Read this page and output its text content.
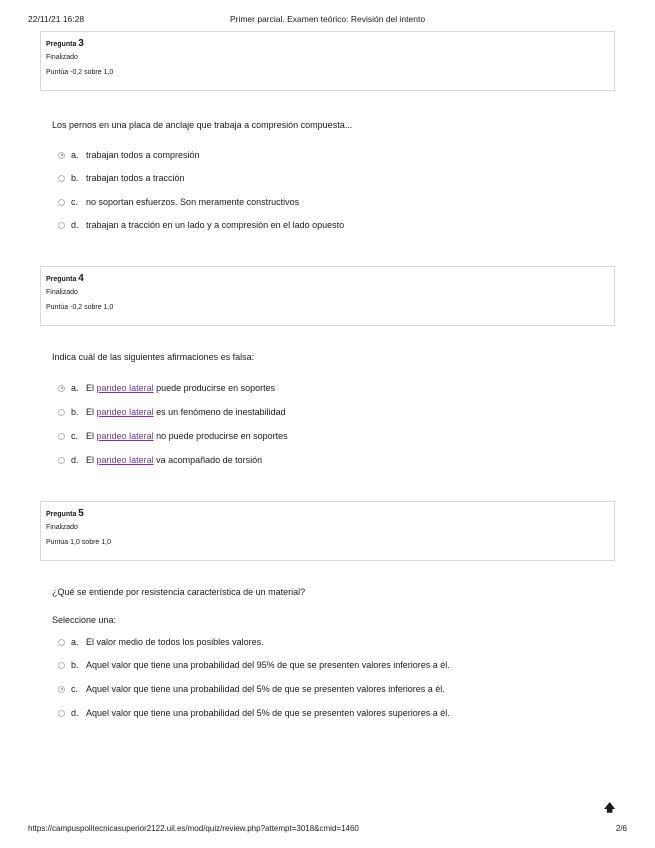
22/11/21 16:28	Primer parcial. Examen teórico: Revisión del intento
Pregunta 3
Finalizado
Puntúa -0,2 sobre 1,0
Los pernos en una placa de anclaje que trabaja a compresión compuesta...
a. trabajan todos a compresión
b. trabajan todos a tracción
c. no soportan esfuerzos. Son meramente constructivos
d. trabajan a tracción en un lado y a compresión en el lado opuesto
Pregunta 4
Finalizado
Puntúa -0,2 sobre 1,0
Indica cuál de las siguientes afirmaciones es falsa:
a. El
pandeo lateral
puede producirse en soportes
b. El
pandeo lateral
es un fenómeno de inestabilidad
c. El
pandeo lateral
no puede producirse en soportes
d. El
pandeo lateral
va acompañado de torsión
Pregunta 5
Finalizado
Puntúa 1,0 sobre 1,0
¿Qué se entiende por resistencia característica de un material?
Seleccione una:
a. El valor medio de todos los posibles valores.
b. Aquel valor que tiene una probabilidad del 95% de que se presenten valores inferiores a él.
c. Aquel valor que tiene una probabilidad del 5% de que se presenten valores inferiores a él.
d. Aquel valor que tiene una probabilidad del 5% de que se presenten valores superiores a él.
🡅
https://campuspolitecnicasuperior2122.uil.es/mod/quiz/review.php?attempt=3018&cmid=1460	2/6
